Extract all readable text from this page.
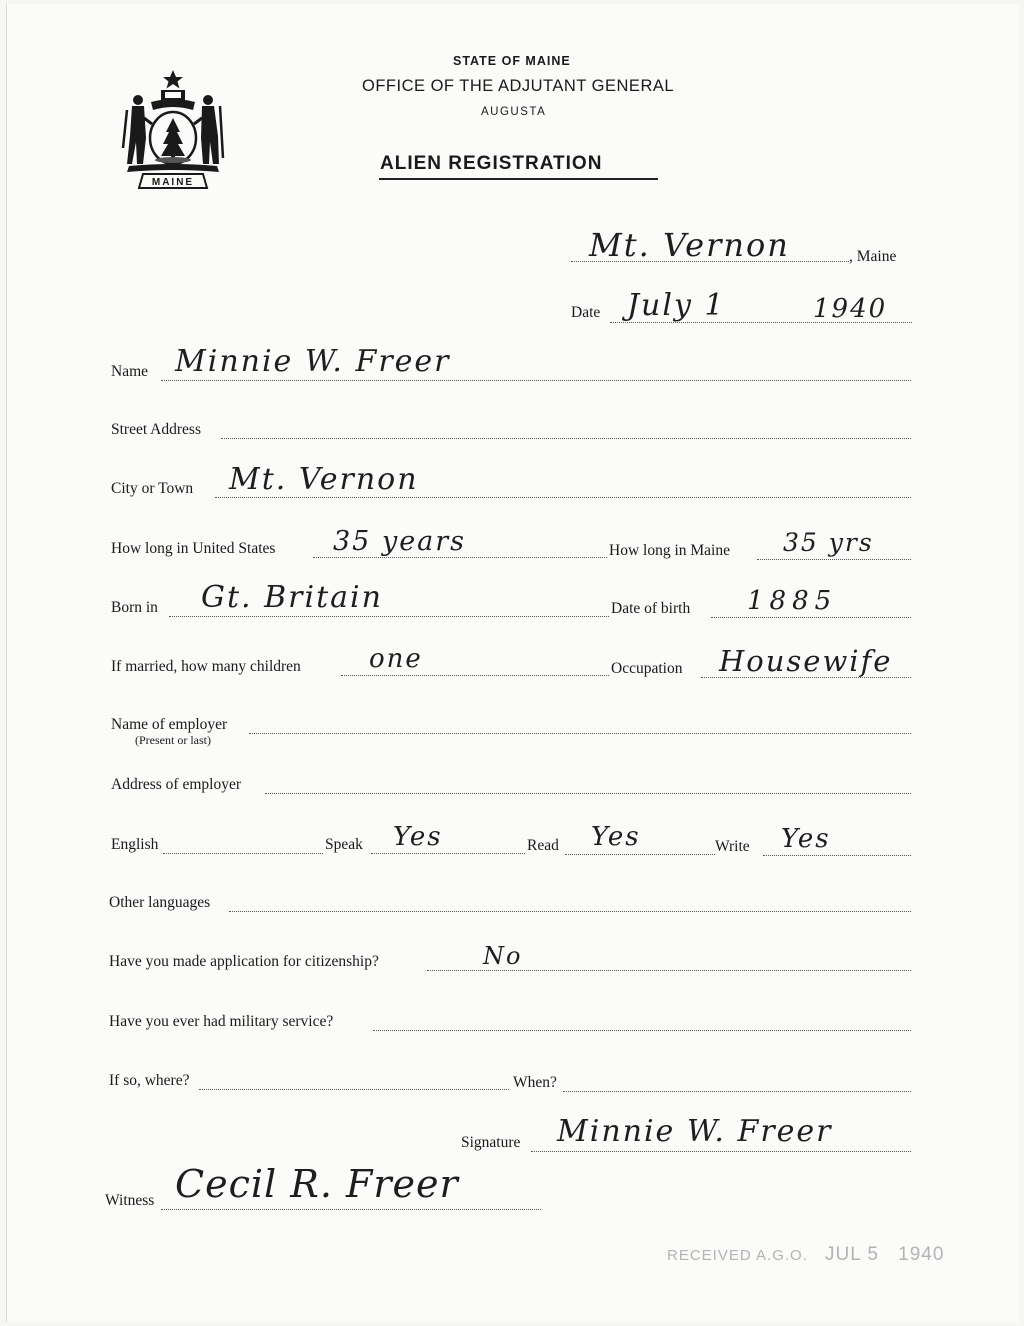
MAINE
STATE OF MAINE
OFFICE OF THE ADJUTANT GENERAL
AUGUSTA
ALIEN REGISTRATION
Mt. Vernon	, Maine
Date July 1	1940
Name Minnie W. Freer
Street Address
City or Town Mt. Vernon
How long in United States 35 years	How long in Maine 35 yrs
Born in Gt. Britain	Date of birth 1885
If married, how many children	one	Occupation Housewife
Name of employer
(Present or last)
Address of employer
English	Speak Yes	Read Yes	Write Yes
Other languages
Have you made application for citizenship?	No
Have you ever had military service?
If so, where?	When?
Signature Minnie W. Freer
Witness Cecil R. Freer
RECEIVED A.G.O. JUL 5 1940
